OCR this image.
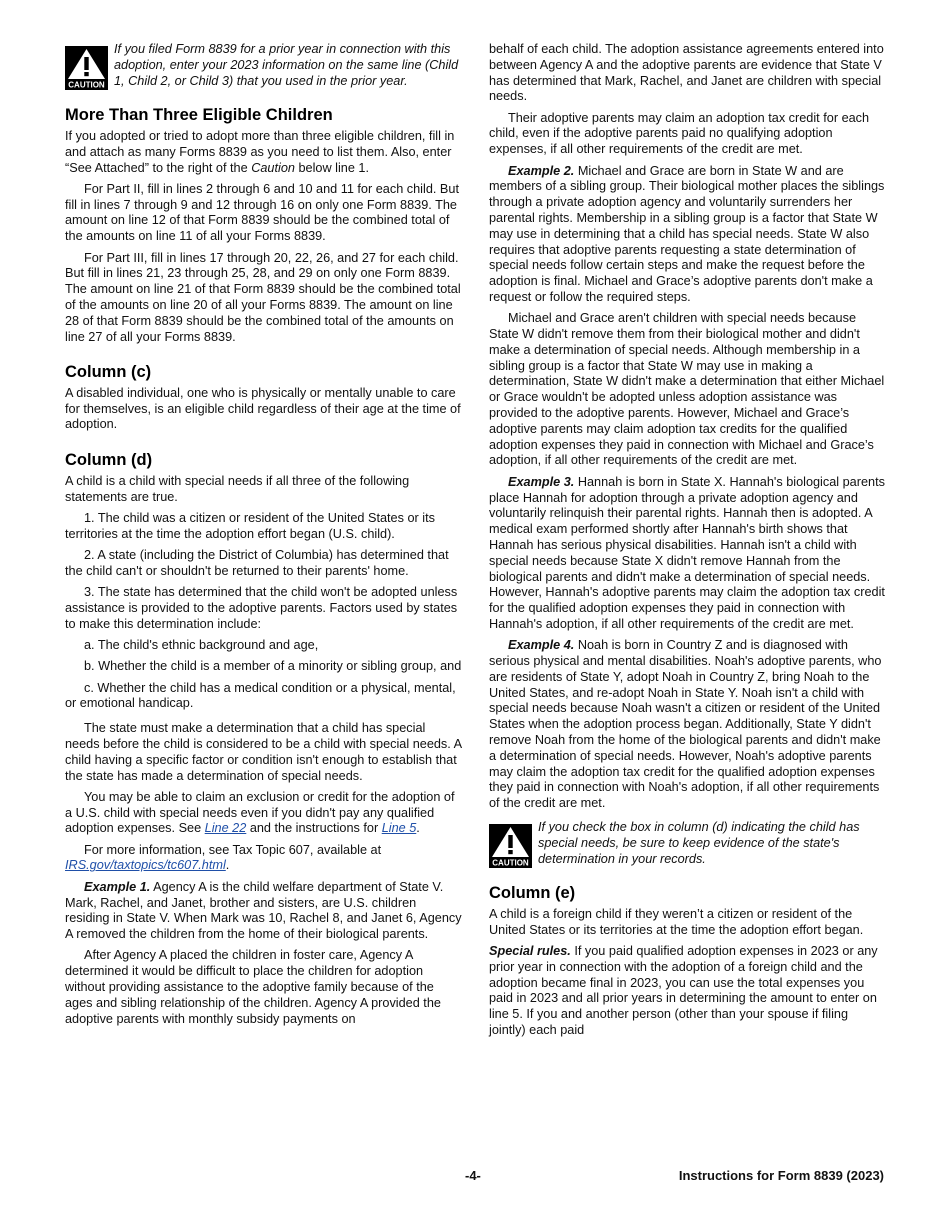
CAUTION

If you filed Form 8839 for a prior year in connection with this adoption, enter your 2023 information on the same line (Child 1, Child 2, or Child 3) that you used in the prior year.

More Than Three Eligible Children

If you adopted or tried to adopt more than three eligible children, fill in and attach as many Forms 8839 as you need to list them. Also, enter “See Attached” to the right of the Caution below line 1.

For Part II, fill in lines 2 through 6 and 10 and 11 for each child. But fill in lines 7 through 9 and 12 through 16 on only one Form 8839. The amount on line 12 of that Form 8839 should be the combined total of the amounts on line 11 of all your Forms 8839.

For Part III, fill in lines 17 through 20, 22, 26, and 27 for each child. But fill in lines 21, 23 through 25, 28, and 29 on only one Form 8839. The amount on line 21 of that Form 8839 should be the combined total of the amounts on line 20 of all your Forms 8839. The amount on line 28 of that Form 8839 should be the combined total of the amounts on line 27 of all your Forms 8839.

Column (c)

A disabled individual, one who is physically or mentally unable to care for themselves, is an eligible child regardless of their age at the time of adoption.

Column (d)

A child is a child with special needs if all three of the following statements are true.

1. The child was a citizen or resident of the United States or its territories at the time the adoption effort began (U.S. child).

2. A state (including the District of Columbia) has determined that the child can't or shouldn't be returned to their parents' home.

3. The state has determined that the child won't be adopted unless assistance is provided to the adoptive parents. Factors used by states to make this determination include:

a. The child's ethnic background and age,

b. Whether the child is a member of a minority or sibling group, and

c. Whether the child has a medical condition or a physical, mental, or emotional handicap.

The state must make a determination that a child has special needs before the child is considered to be a child with special needs. A child having a specific factor or condition isn't enough to establish that the state has made a determination of special needs.

You may be able to claim an exclusion or credit for the adoption of a U.S. child with special needs even if you didn't pay any qualified adoption expenses. See Line 22 and the instructions for Line 5.

For more information, see Tax Topic 607, available at IRS.gov/taxtopics/tc607.html.

Example 1. Agency A is the child welfare department of State V. Mark, Rachel, and Janet, brother and sisters, are U.S. children residing in State V. When Mark was 10, Rachel 8, and Janet 6, Agency A removed the children from the home of their biological parents.

After Agency A placed the children in foster care, Agency A determined it would be difficult to place the children for adoption without providing assistance to the adoptive family because of the ages and sibling relationship of the children. Agency A provided the adoptive parents with monthly subsidy payments on

behalf of each child. The adoption assistance agreements entered into between Agency A and the adoptive parents are evidence that State V has determined that Mark, Rachel, and Janet are children with special needs.

Their adoptive parents may claim an adoption tax credit for each child, even if the adoptive parents paid no qualifying adoption expenses, if all other requirements of the credit are met.

Example 2. Michael and Grace are born in State W and are members of a sibling group. Their biological mother places the siblings through a private adoption agency and voluntarily surrenders her parental rights. Membership in a sibling group is a factor that State W may use in determining that a child has special needs. State W also requires that adoptive parents requesting a state determination of special needs follow certain steps and make the request before the adoption is final. Michael and Grace’s adoptive parents don't make a request or follow the required steps.

Michael and Grace aren't children with special needs because State W didn't remove them from their biological mother and didn't make a determination of special needs. Although membership in a sibling group is a factor that State W may use in making a determination, State W didn't make a determination that either Michael or Grace wouldn't be adopted unless adoption assistance was provided to the adoptive parents. However, Michael and Grace’s adoptive parents may claim adoption tax credits for the qualified adoption expenses they paid in connection with Michael and Grace’s adoption, if all other requirements of the credit are met.

Example 3. Hannah is born in State X. Hannah's biological parents place Hannah for adoption through a private adoption agency and voluntarily relinquish their parental rights. Hannah then is adopted. A medical exam performed shortly after Hannah's birth shows that Hannah has serious physical disabilities. Hannah isn't a child with special needs because State X didn't remove Hannah from the biological parents and didn't make a determination of special needs. However, Hannah's adoptive parents may claim the adoption tax credit for the qualified adoption expenses they paid in connection with Hannah's adoption, if all other requirements of the credit are met.

Example 4. Noah is born in Country Z and is diagnosed with serious physical and mental disabilities. Noah's adoptive parents, who are residents of State Y, adopt Noah in Country Z, bring Noah to the United States, and re-adopt Noah in State Y. Noah isn't a child with special needs because Noah wasn't a citizen or resident of the United States when the adoption process began. Additionally, State Y didn't remove Noah from the home of the biological parents and didn't make a determination of special needs. However, Noah's adoptive parents may claim the adoption tax credit for the qualified adoption expenses they paid in connection with Noah's adoption, if all other requirements of the credit are met.

CAUTION

If you check the box in column (d) indicating the child has special needs, be sure to keep evidence of the state's determination in your records.

Column (e)

A child is a foreign child if they weren’t a citizen or resident of the United States or its territories at the time the adoption effort began.

Special rules. If you paid qualified adoption expenses in 2023 or any prior year in connection with the adoption of a foreign child and the adoption became final in 2023, you can use the total expenses you paid in 2023 and all prior years in determining the amount to enter on line 5. If you and another person (other than your spouse if filing jointly) each paid

-4-	Instructions for Form 8839 (2023)
